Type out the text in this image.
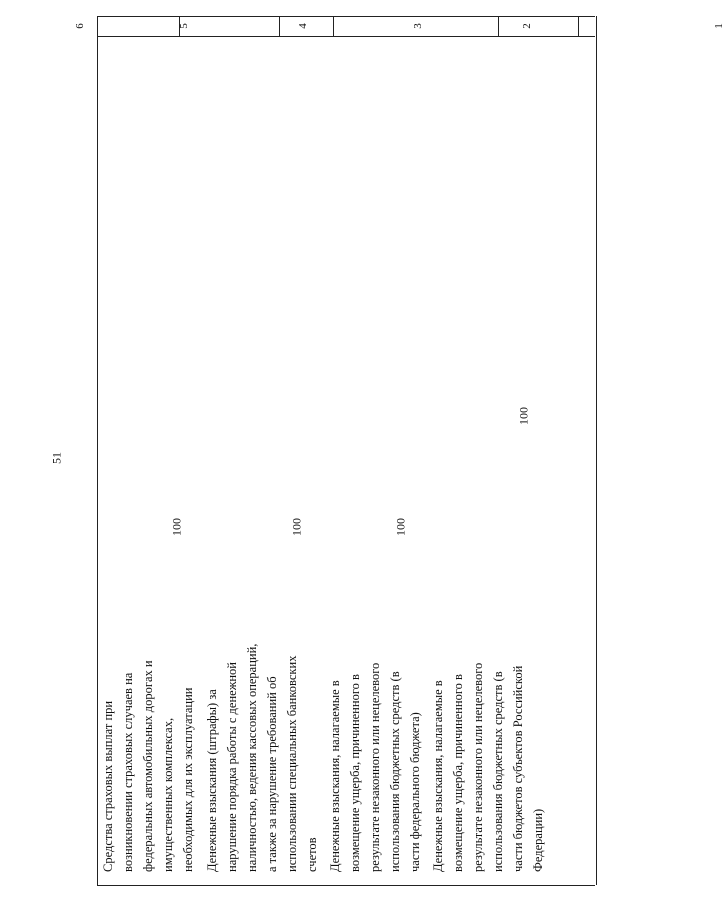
51
1
2
3
4
5
6
Средства страховых выплат при возникновении страховых случаев на федеральных автомобильных дорогах и имущественных комплексах, необходимых для их эксплуатации
100
Денежные взыскания (штрафы) за нарушение порядка работы с денежной наличностью, ведения кассовых операций, а также за нарушение требований об использовании специальных банковских счетов
100
Денежные взыскания, налагаемые в возмещение ущерба, причиненного в результате незаконного или нецелевого использования бюджетных средств (в части федерального бюджета)
100
Денежные взыскания, налагаемые в возмещение ущерба, причиненного в результате незаконного или нецелевого использования бюджетных средств (в части бюджетов субъектов Российской Федерации)
100
